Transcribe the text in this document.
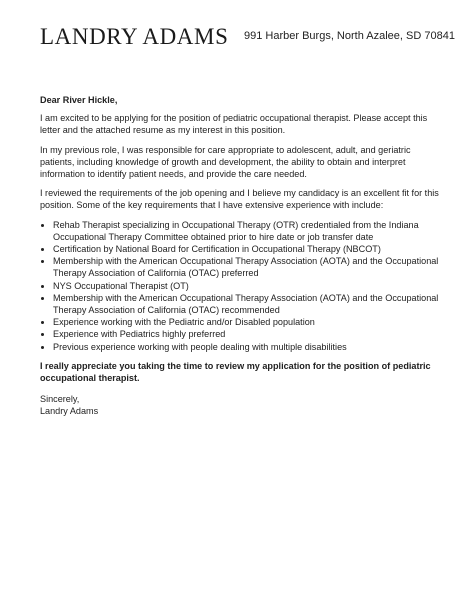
LANDRY ADAMS 991 Harber Burgs, North Azalee, SD 70841
Dear River Hickle,

I am excited to be applying for the position of pediatric occupational therapist. Please accept this letter and the attached resume as my interest in this position.

In my previous role, I was responsible for care appropriate to adolescent, adult, and geriatric patients, including knowledge of growth and development, the ability to obtain and interpret information to identify patient needs, and provide the care needed.

I reviewed the requirements of the job opening and I believe my candidacy is an excellent fit for this position. Some of the key requirements that I have extensive experience with include:

• Rehab Therapist specializing in Occupational Therapy (OTR) credentialed from the Indiana Occupational Therapy Committee obtained prior to hire date or job transfer date
• Certification by National Board for Certification in Occupational Therapy (NBCOT)
• Membership with the American Occupational Therapy Association (AOTA) and the Occupational Therapy Association of California (OTAC) preferred
• NYS Occupational Therapist (OT)
• Membership with the American Occupational Therapy Association (AOTA) and the Occupational Therapy Association of California (OTAC) recommended
• Experience working with the Pediatric and/or Disabled population
• Experience with Pediatrics highly preferred
• Previous experience working with people dealing with multiple disabilities
I really appreciate you taking the time to review my application for the position of pediatric occupational therapist.
Sincerely,
Landry Adams
